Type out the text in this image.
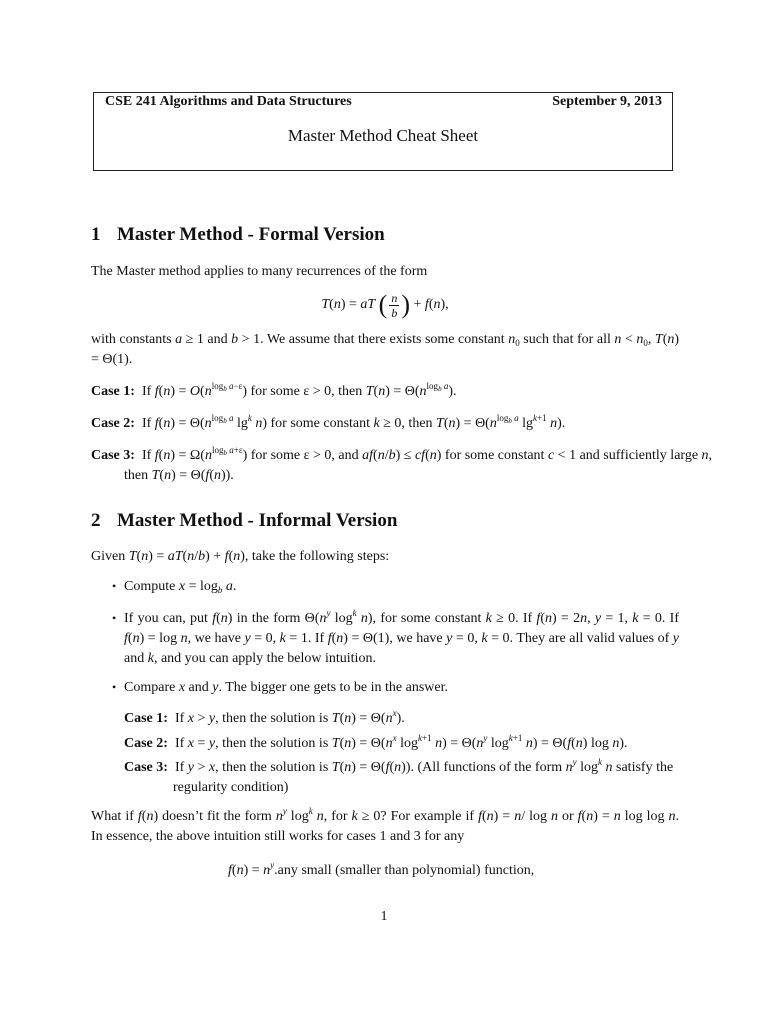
CSE 241 Algorithms and Data Structures	September 9, 2013
Master Method Cheat Sheet
1 Master Method - Formal Version
The Master method applies to many recurrences of the form
T(n) = aT ( $\frac{n}{b}$ ) + f(n),
with constants a ≥ 1 and b > 1. We assume that there exists some constant $n_0$ such that for all $n < n_0$, T(n) = Θ(1).
Case 1:  If $f(n) = O(n^{log_b a-\varepsilon})$ for some ε > 0, then $T(n) = \Theta(n^{log_b a})$.
Case 2:  If $f(n) = \Theta(n^{log_b a}$ $\lg^k n$) for some constant k ≥ 0, then $T(n) = \Theta(n^{log_b a}$ $\lg^{k+1} n$).
Case 3:  If $f(n) = \Omega(n^{log_b a+\varepsilon})$ for some ε > 0, and af(n/b) ≤ cf(n) for some constant c < 1 and sufficiently large n, then T(n) = Θ(f(n)).
2 Master Method - Informal Version
Given T(n) = aT(n/b) + f(n), take the following steps:
• Compute $x = \log_b a$.
• If you can, put f(n) in the form $\Theta(n^y$ $\log^k n$), for some constant k ≥ 0. If f(n) = 2n, y = 1, k = 0. If f(n) = log n, we have y = 0, k = 1. If f(n) = Θ(1), we have y = 0, k = 0. They are all valid values of y and k, and you can apply the below intuition.
• Compare x and y. The bigger one gets to be in the answer.
Case 1:  If x > y, then the solution is $T(n) = \Theta(n^x)$.
Case 2:  If x = y, then the solution is $T(n) = \Theta(n^x$ $\log^{k+1} n) = \Theta(n^y$ $\log^{k+1} n) = \Theta(f(n)$ log n).
Case 3:  If y > x, then the solution is T(n) = Θ(f(n)). (All functions of the form $n^y$ $\log^k n$ satisfy the regularity condition)
What if f(n) doesn’t fit the form $n^y$ $\log^k n$, for k ≥ 0? For example if f(n) = n/ log n or f(n) = n log log n. In essence, the above intuition still works for cases 1 and 3 for any
$f(n) = n^y.any$ small (smaller than polynomial) function,
1
